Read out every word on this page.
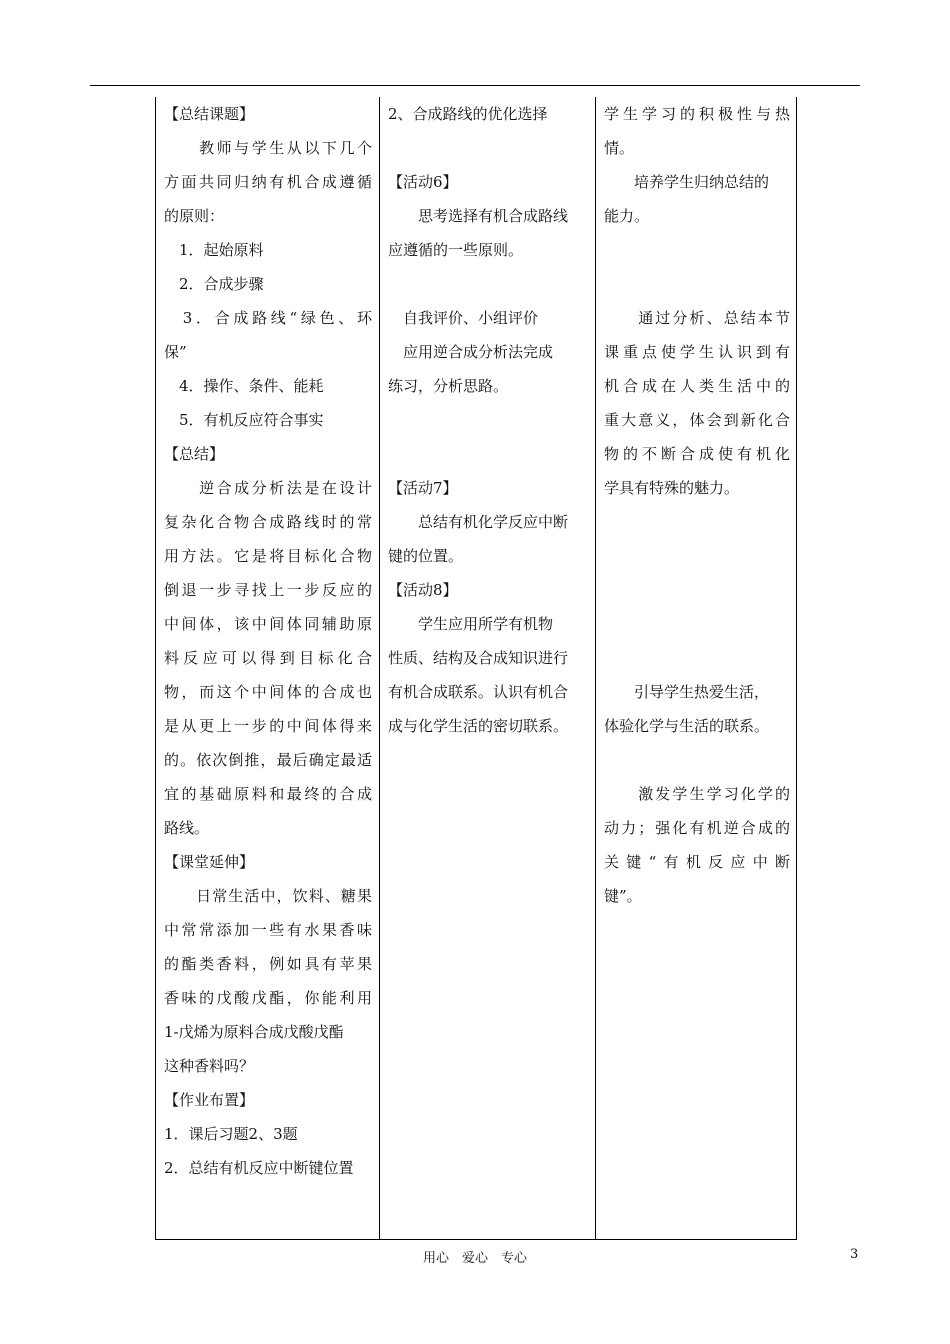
【总结课题】

　　教师与学生从以下几个

方面共同归纳有机合成遵循

的原则：

　1．起始原料

　2．合成步骤

　3．合成路线“绿色、环

保”

　4．操作、条件、能耗

　5．有机反应符合事实

【总结】

　　逆合成分析法是在设计

复杂化合物合成路线时的常

用方法。它是将目标化合物

倒退一步寻找上一步反应的

中间体，该中间体同辅助原

料反应可以得到目标化合

物，而这个中间体的合成也

是从更上一步的中间体得来

的。依次倒推，最后确定最适

宜的基础原料和最终的合成

路线。

【课堂延伸】

　　日常生活中，饮料、糖果

中常常添加一些有水果香味

的酯类香料，例如具有苹果

香味的戊酸戊酯，你能利用

1-戊烯为原料合成戊酸戊酯

这种香料吗？

【作业布置】

1．课后习题2、3题

2．总结有机反应中断键位置

2、合成路线的优化选择

【活动6】

　　思考选择有机合成路线

应遵循的一些原则。

　自我评价、小组评价

　应用逆合成分析法完成

练习，分析思路。

【活动7】

　　总结有机化学反应中断

键的位置。

【活动8】

　　学生应用所学有机物

性质、结构及合成知识进行

有机合成联系。认识有机合

成与化学生活的密切联系。

学生学习的积极性与热

情。

　　培养学生归纳总结的

能力。

　　通过分析、总结本节

课重点使学生认识到有

机合成在人类生活中的

重大意义，体会到新化合

物的不断合成使有机化

学具有特殊的魅力。

　　引导学生热爱生活，

体验化学与生活的联系。

　　激发学生学习化学的

动力；强化有机逆合成的

关键“有机反应中断

键”。

用心　爱心　专心	3
